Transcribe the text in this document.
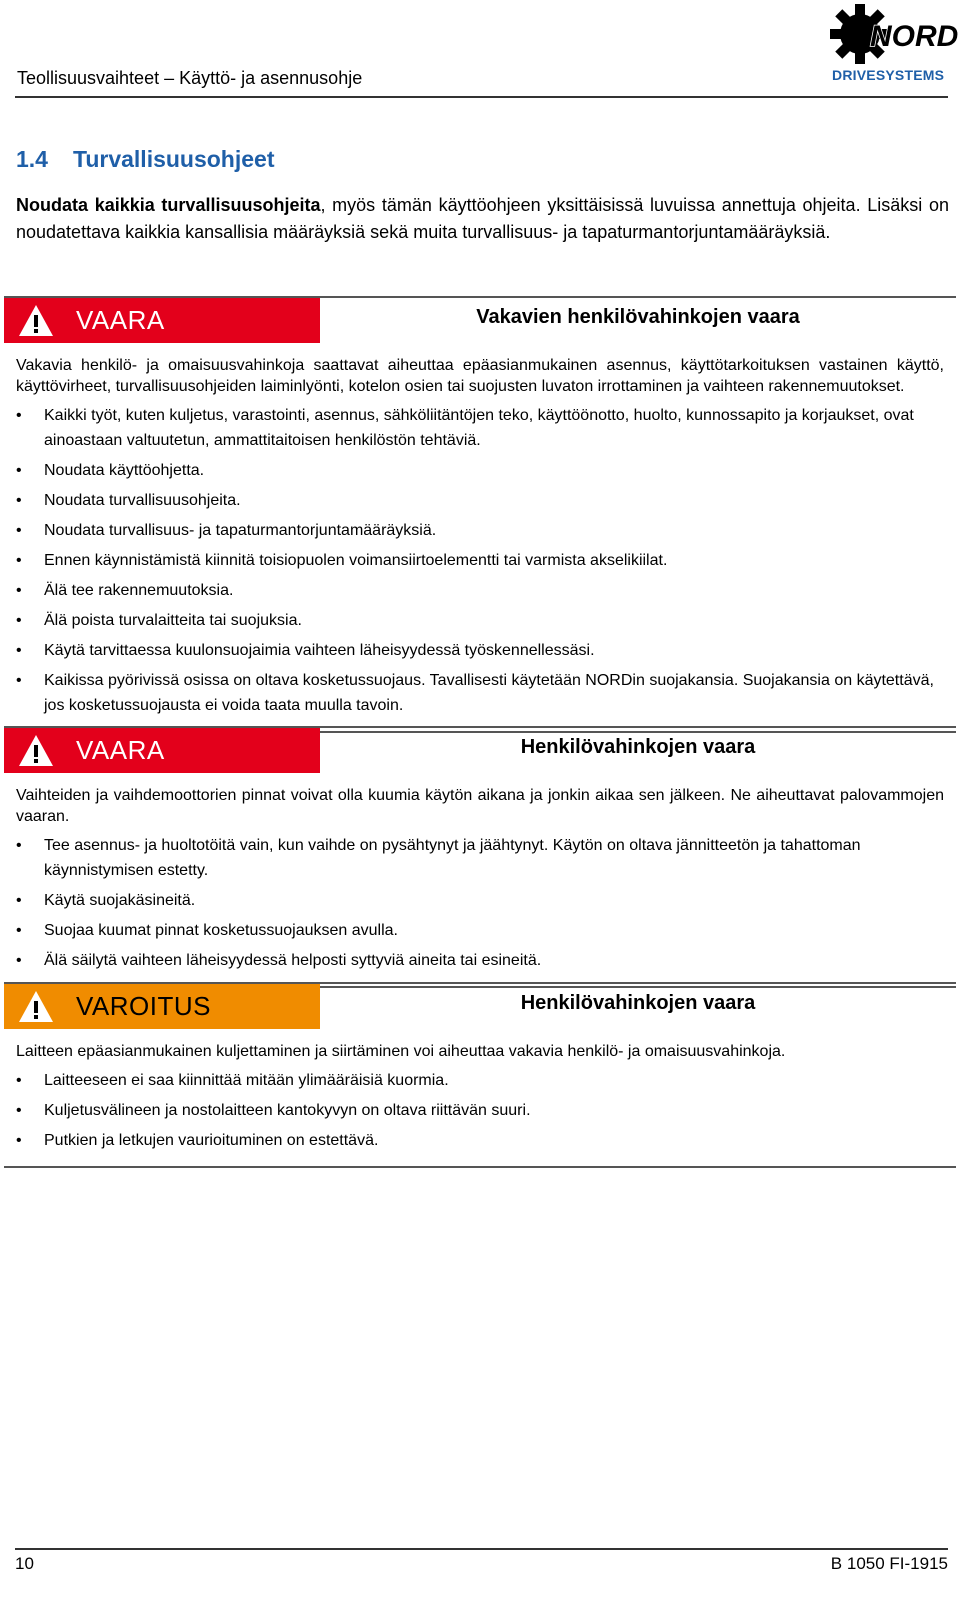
Teollisuusvaihteet – Käyttö- ja asennusohje
NORD
DRIVESYSTEMS
1.4 Turvallisuusohjeet
Noudata kaikkia turvallisuusohjeita, myös tämän käyttöohjeen yksittäisissä luvuissa annettuja ohjeita. Lisäksi on noudatettava kaikkia kansallisia määräyksiä sekä muita turvallisuus- ja tapaturmantorjuntamääräyksiä.
VAARA	Vakavien henkilövahinkojen vaara

Vakavia henkilö- ja omaisuusvahinkoja saattavat aiheuttaa epäasianmukainen asennus, käyttötarkoituksen vastainen käyttö, käyttövirheet, turvallisuusohjeiden laiminlyönti, kotelon osien tai suojusten luvaton irrottaminen ja vaihteen rakennemuutokset.

• Kaikki työt, kuten kuljetus, varastointi, asennus, sähköliitäntöjen teko, käyttöönotto, huolto, kunnossapito ja korjaukset, ovat ainoastaan valtuutetun, ammattitaitoisen henkilöstön tehtäviä.
• Noudata käyttöohjetta.
• Noudata turvallisuusohjeita.
• Noudata turvallisuus- ja tapaturmantorjuntamääräyksiä.
• Ennen käynnistämistä kiinnitä toisiopuolen voimansiirtoelementti tai varmista akselikiilat.
• Älä tee rakennemuutoksia.
• Älä poista turvalaitteita tai suojuksia.
• Käytä tarvittaessa kuulonsuojaimia vaihteen läheisyydessä työskennellessäsi.
• Kaikissa pyörivissä osissa on oltava kosketussuojaus. Tavallisesti käytetään NORDin suojakansia. Suojakansia on käytettävä, jos kosketussuojausta ei voida taata muulla tavoin.
VAARA	Henkilövahinkojen vaara

Vaihteiden ja vaihdemoottorien pinnat voivat olla kuumia käytön aikana ja jonkin aikaa sen jälkeen. Ne aiheuttavat palovammojen vaaran.

• Tee asennus- ja huoltotöitä vain, kun vaihde on pysähtynyt ja jäähtynyt. Käytön on oltava jännitteetön ja tahattoman käynnistymisen estetty.
• Käytä suojakäsineitä.
• Suojaa kuumat pinnat kosketussuojauksen avulla.
• Älä säilytä vaihteen läheisyydessä helposti syttyviä aineita tai esineitä.
VAROITUS	Henkilövahinkojen vaara

Laitteen epäasianmukainen kuljettaminen ja siirtäminen voi aiheuttaa vakavia henkilö- ja omaisuusvahinkoja.

• Laitteeseen ei saa kiinnittää mitään ylimääräisiä kuormia.
• Kuljetusvälineen ja nostolaitteen kantokyvyn on oltava riittävän suuri.
• Putkien ja letkujen vaurioituminen on estettävä.
10	B 1050 FI-1915
